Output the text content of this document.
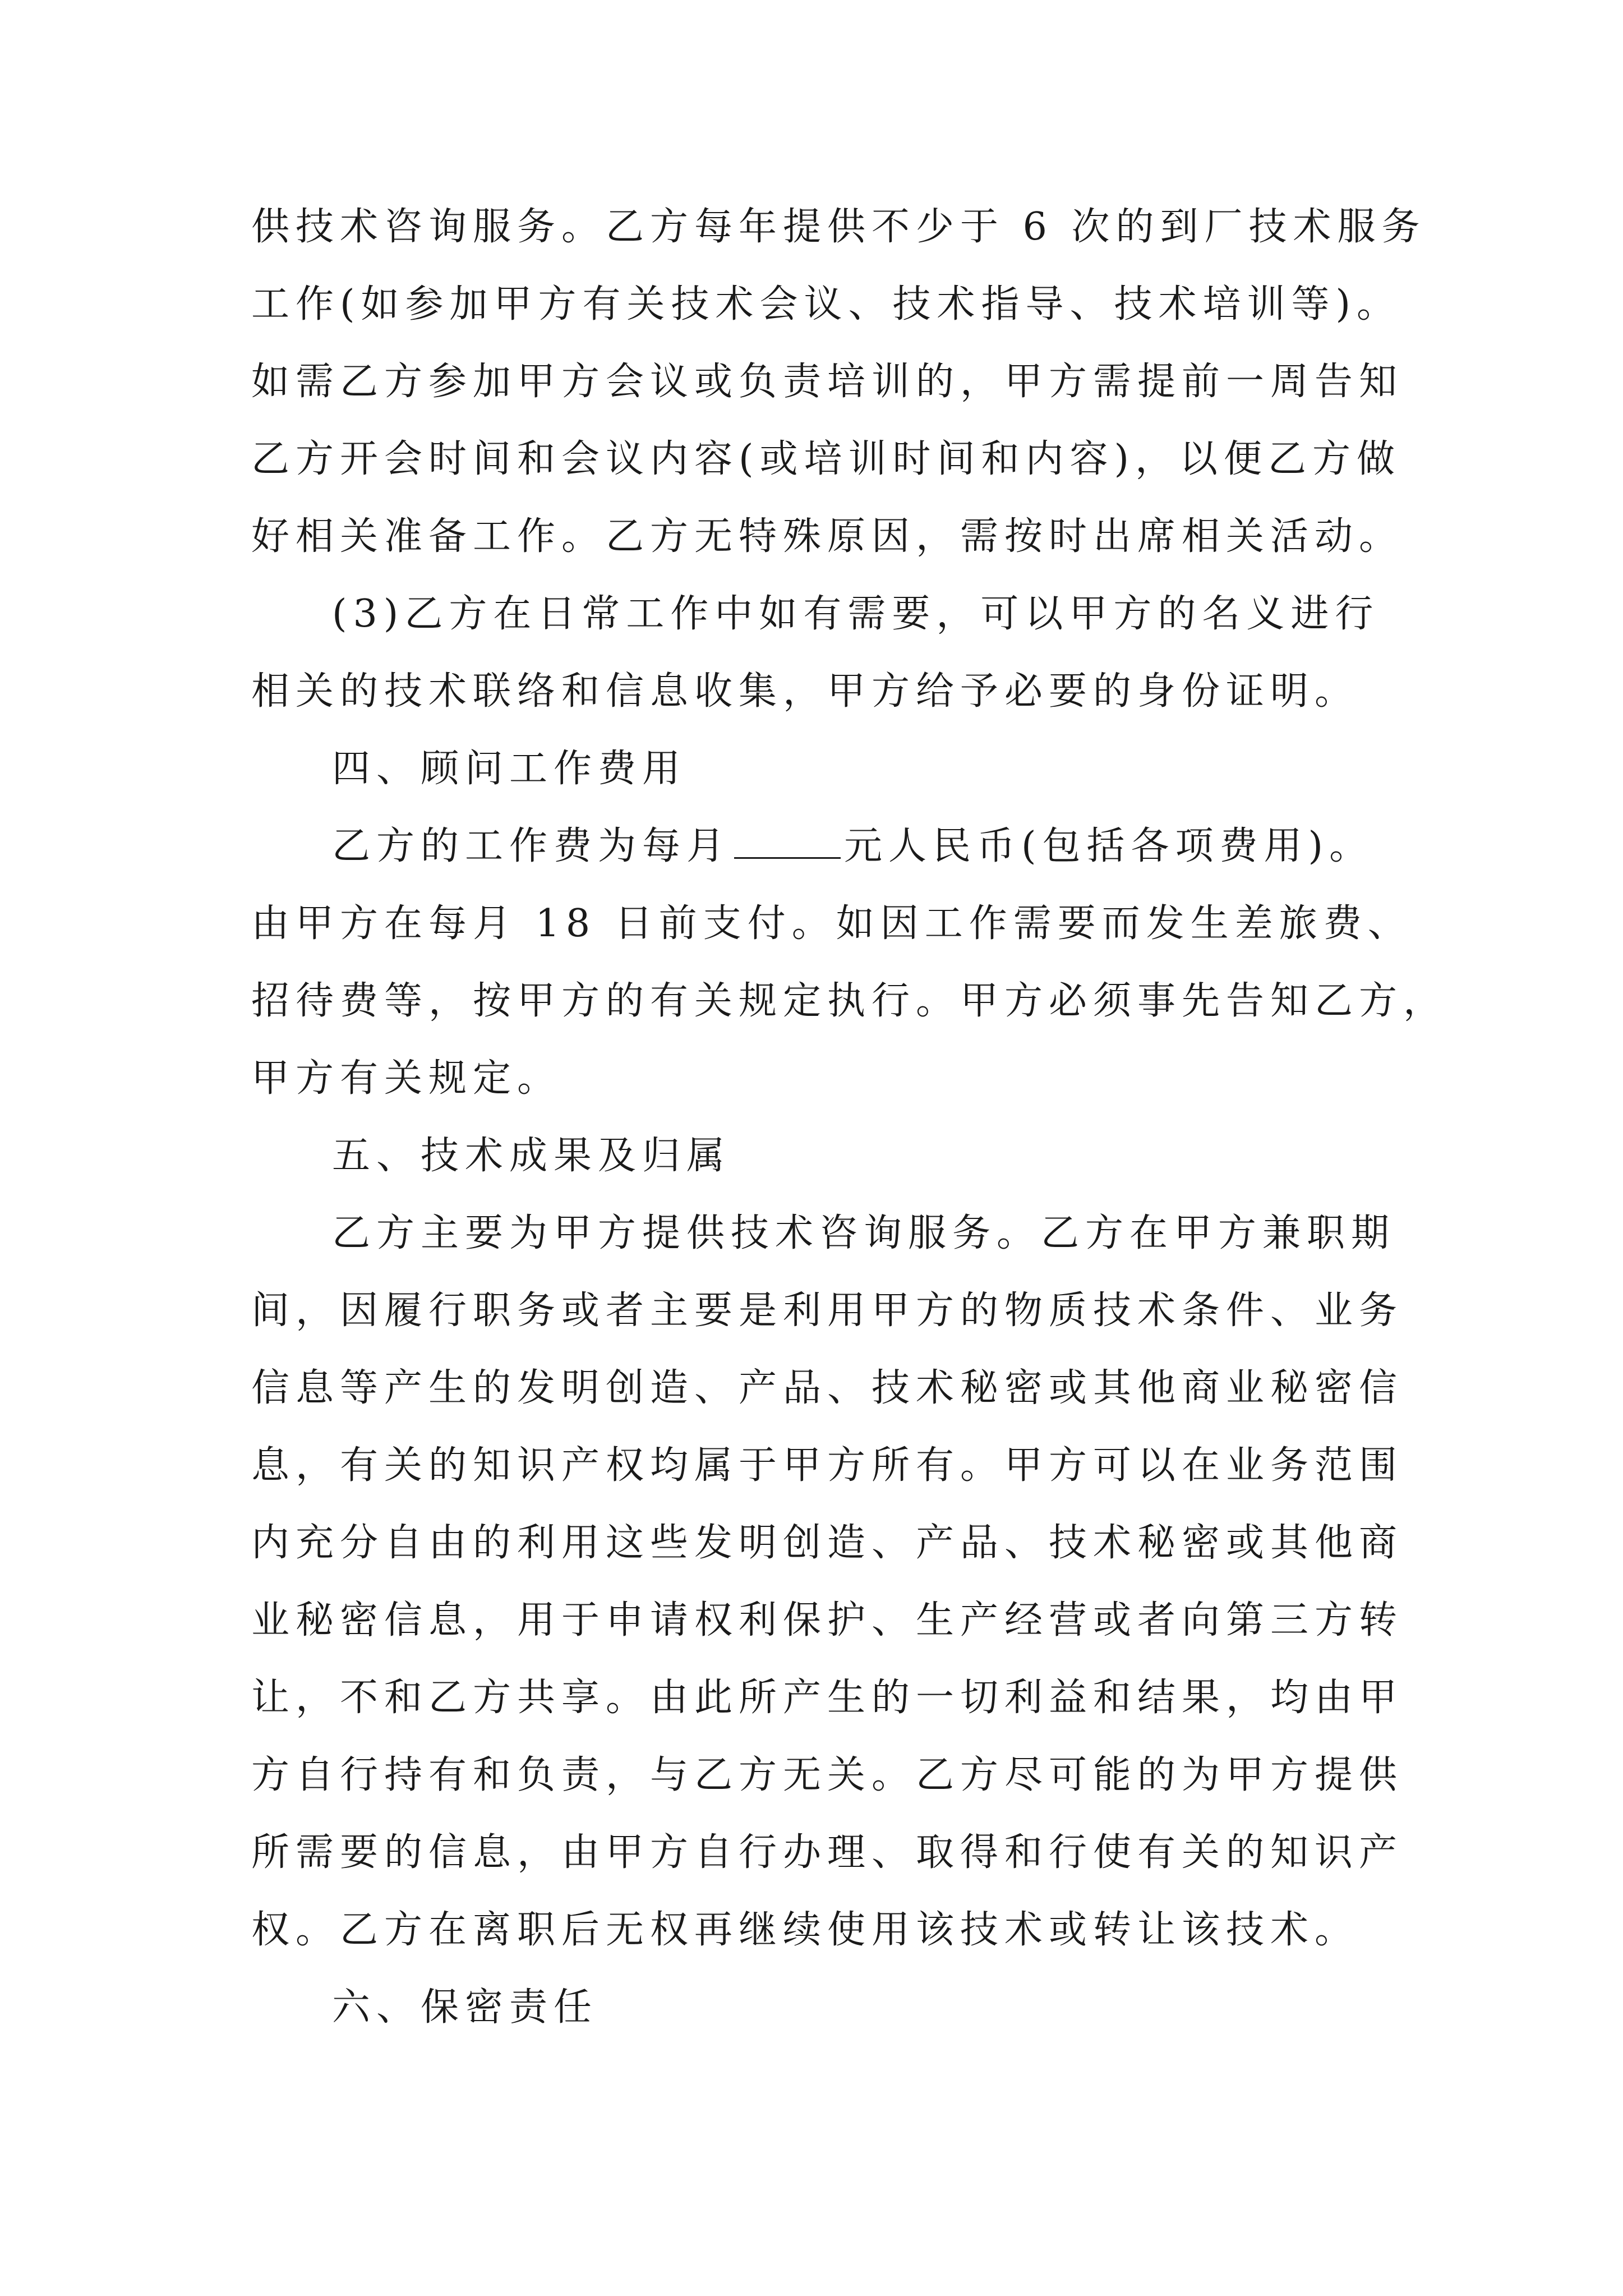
供技术咨询服务。乙方每年提供不少于 6 次的到厂技术服务
工作(如参加甲方有关技术会议、技术指导、技术培训等)。
如需乙方参加甲方会议或负责培训的，甲方需提前一周告知
乙方开会时间和会议内容(或培训时间和内容)，以便乙方做
好相关准备工作。乙方无特殊原因，需按时出席相关活动。
(3)乙方在日常工作中如有需要，可以甲方的名义进行
相关的技术联络和信息收集，甲方给予必要的身份证明。
四、顾问工作费用
乙方的工作费为每月	元人民币(包括各项费用)。
由甲方在每月 18 日前支付。如因工作需要而发生差旅费、
招待费等，按甲方的有关规定执行。甲方必须事先告知乙方，
甲方有关规定。
五、技术成果及归属
乙方主要为甲方提供技术咨询服务。乙方在甲方兼职期
间，因履行职务或者主要是利用甲方的物质技术条件、业务
信息等产生的发明创造、产品、技术秘密或其他商业秘密信
息，有关的知识产权均属于甲方所有。甲方可以在业务范围
内充分自由的利用这些发明创造、产品、技术秘密或其他商
业秘密信息，用于申请权利保护、生产经营或者向第三方转
让，不和乙方共享。由此所产生的一切利益和结果，均由甲
方自行持有和负责，与乙方无关。乙方尽可能的为甲方提供
所需要的信息，由甲方自行办理、取得和行使有关的知识产
权。乙方在离职后无权再继续使用该技术或转让该技术。
六、保密责任
